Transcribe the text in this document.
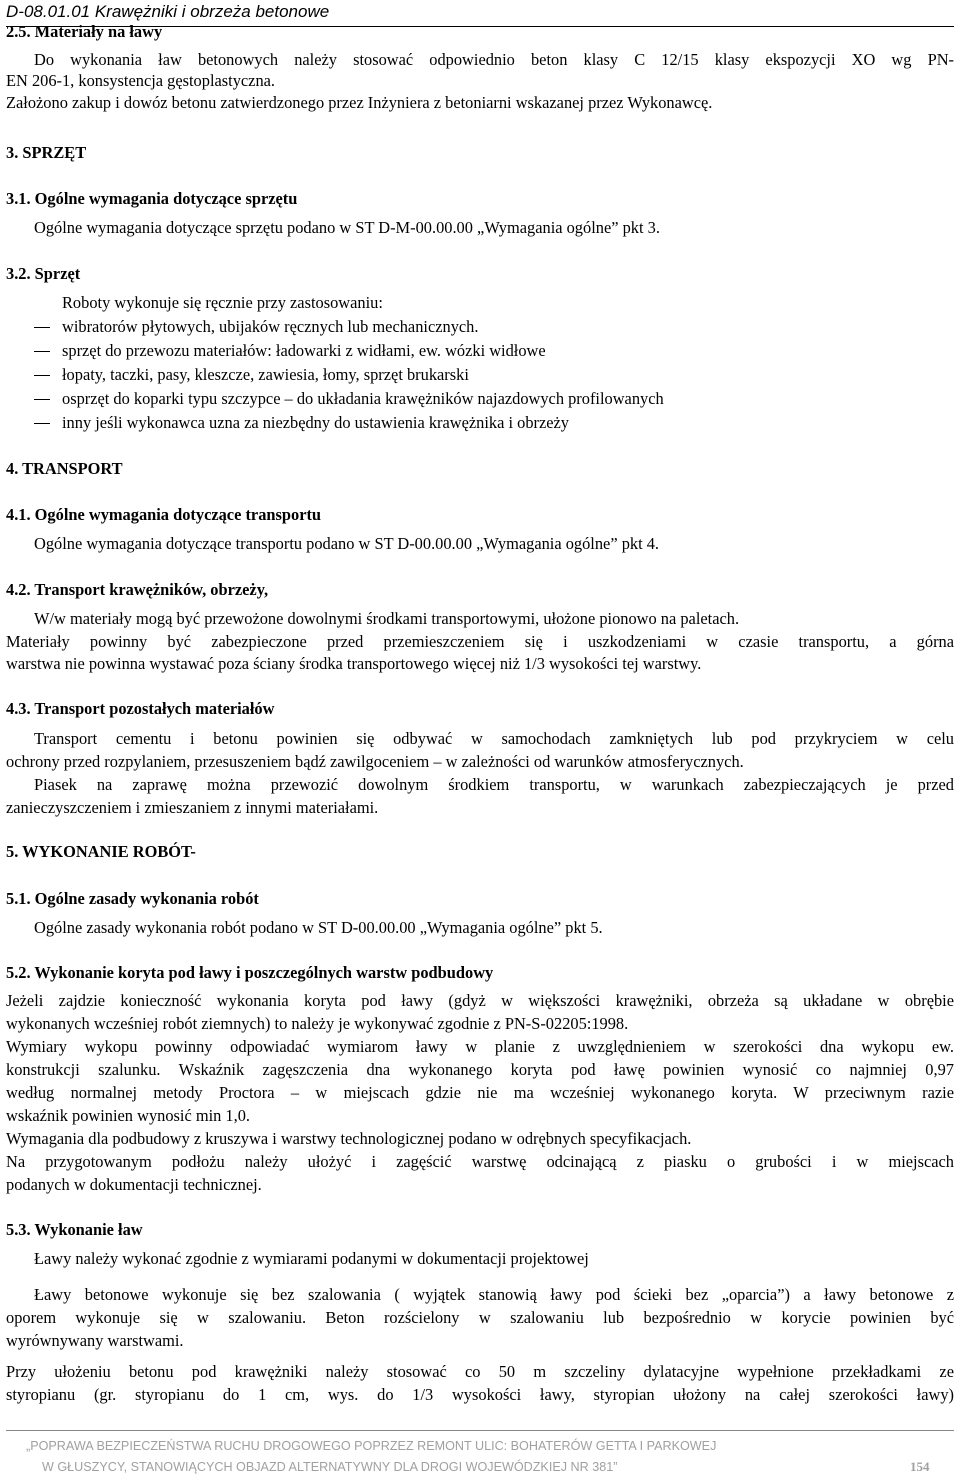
D-08.01.01 Krawężniki i obrzeża betonowe
2.5. Materiały na ławy
Do wykonania ław betonowych należy stosować odpowiednio beton klasy C 12/15 klasy ekspozycji XO wg PN-
EN 206-1, konsystencja gęstoplastyczna.
Założono zakup i dowóz betonu zatwierdzonego przez Inżyniera z betoniarni wskazanej przez Wykonawcę.
3. SPRZĘT
3.1. Ogólne wymagania dotyczące sprzętu
Ogólne wymagania dotyczące sprzętu podano w ST D-M-00.00.00 „Wymagania ogólne” pkt 3.
3.2. Sprzęt
Roboty wykonuje się ręcznie przy zastosowaniu:
wibratorów płytowych, ubijaków ręcznych lub mechanicznych.
sprzęt do przewozu materiałów: ładowarki z widłami, ew. wózki widłowe
łopaty, taczki, pasy, kleszcze, zawiesia, łomy, sprzęt brukarski
osprzęt do koparki typu szczypce – do układania krawężników najazdowych profilowanych
inny jeśli wykonawca uzna za niezbędny do ustawienia krawężnika i obrzeży
4. TRANSPORT
4.1. Ogólne wymagania dotyczące transportu
Ogólne wymagania dotyczące transportu podano w ST D-00.00.00 „Wymagania ogólne” pkt 4.
4.2. Transport krawężników, obrzeży,
W/w materiały mogą być przewożone dowolnymi środkami transportowymi, ułożone pionowo na paletach.
Materiały powinny być zabezpieczone przed przemieszczeniem się i uszkodzeniami w czasie transportu, a górna
warstwa nie powinna wystawać poza ściany środka transportowego więcej niż 1/3 wysokości tej warstwy.
4.3. Transport pozostałych materiałów
Transport cementu i betonu powinien się odbywać w samochodach zamkniętych lub pod przykryciem w celu
ochrony przed rozpylaniem, przesuszeniem bądź zawilgoceniem – w zależności od warunków atmosferycznych.
Piasek na zaprawę można przewozić dowolnym środkiem transportu, w warunkach zabezpieczających je przed
zanieczyszczeniem i zmieszaniem z innymi materiałami.
5. WYKONANIE ROBÓT-
5.1. Ogólne zasady wykonania robót
Ogólne zasady wykonania robót podano w ST D-00.00.00 „Wymagania ogólne” pkt 5.
5.2. Wykonanie koryta pod ławy i poszczególnych warstw podbudowy
Jeżeli zajdzie konieczność wykonania koryta pod ławy (gdyż w większości krawężniki, obrzeża są układane w obrębie
wykonanych wcześniej robót ziemnych) to należy je wykonywać zgodnie z PN-S-02205:1998.
Wymiary wykopu powinny odpowiadać wymiarom ławy w planie z uwzględnieniem w szerokości dna wykopu ew.
konstrukcji szalunku. Wskaźnik zagęszczenia dna wykonanego koryta pod ławę powinien wynosić co najmniej 0,97
według normalnej metody Proctora – w miejscach gdzie nie ma wcześniej wykonanego koryta. W przeciwnym razie
wskaźnik powinien wynosić min 1,0.
Wymagania dla podbudowy z kruszywa i warstwy technologicznej podano w odrębnych specyfikacjach.
Na przygotowanym podłożu należy ułożyć i zagęścić warstwę odcinającą z piasku o grubości i w miejscach
podanych w dokumentacji technicznej.
5.3. Wykonanie ław
Ławy należy wykonać zgodnie z wymiarami podanymi w dokumentacji projektowej
Ławy betonowe wykonuje się bez szalowania ( wyjątek stanowią ławy pod ścieki bez „oparcia”) a ławy betonowe z
oporem wykonuje się w szalowaniu. Beton rozścielony w szalowaniu lub bezpośrednio w korycie powinien być
wyrównywany warstwami.
Przy ułożeniu betonu pod krawężniki należy stosować co 50 m szczeliny dylatacyjne wypełnione przekładkami ze
styropianu (gr. styropianu do 1 cm, wys. do 1/3 wysokości ławy, styropian ułożony na całej szerokości ławy)
„POPRAWA BEZPIECZEŃSTWA RUCHU DROGOWEGO POPRZEZ REMONT ULIC: BOHATERÓW GETTA I PARKOWEJ
W GŁUSZYCY, STANOWIĄCYCH OBJAZD ALTERNATYWNY DLA DROGI WOJEWÓDZKIEJ NR 381”	154
